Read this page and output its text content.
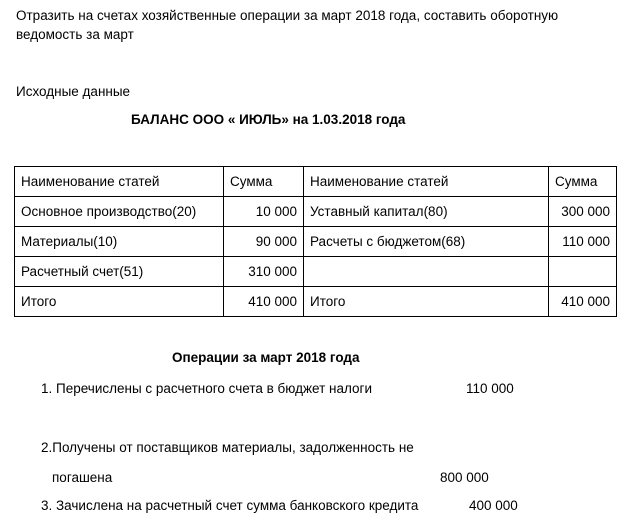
Отразить на счетах хозяйственные операции за март 2018 года, составить оборотную
ведомость за март
Исходные данные
БАЛАНС ООО « ИЮЛЬ» на 1.03.2018 года
Наименование статей	Сумма	Наименование статей	Сумма
Основное производство(20)	10 000	Уставный капитал(80)	300 000
Материалы(10)	90 000	Расчеты с бюджетом(68)	110 000
Расчетный счет(51)	310 000		
Итого	410 000	Итого	410 000
Операции за март 2018 года
1. Перечислены с расчетного счета в бюджет налоги	110 000
2.Получены от поставщиков материалы, задолженность не
погашена	800 000
3. Зачислена на расчетный счет сумма банковского кредита	400 000
